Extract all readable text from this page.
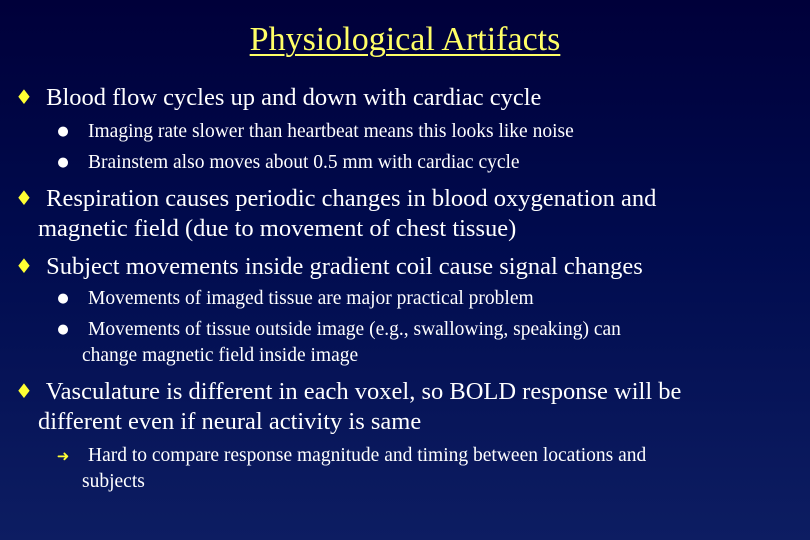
Physiological Artifacts
♦ Blood flow cycles up and down with cardiac cycle
● Imaging rate slower than heartbeat means this looks like noise
● Brainstem also moves about 0.5 mm with cardiac cycle
♦ Respiration causes periodic changes in blood oxygenation and
magnetic field (due to movement of chest tissue)
♦ Subject movements inside gradient coil cause signal changes
● Movements of imaged tissue are major practical problem
● Movements of tissue outside image (e.g., swallowing, speaking) can
change magnetic field inside image
♦ Vasculature is different in each voxel, so BOLD response will be
different even if neural activity is same
➜ Hard to compare response magnitude and timing between locations and
subjects
